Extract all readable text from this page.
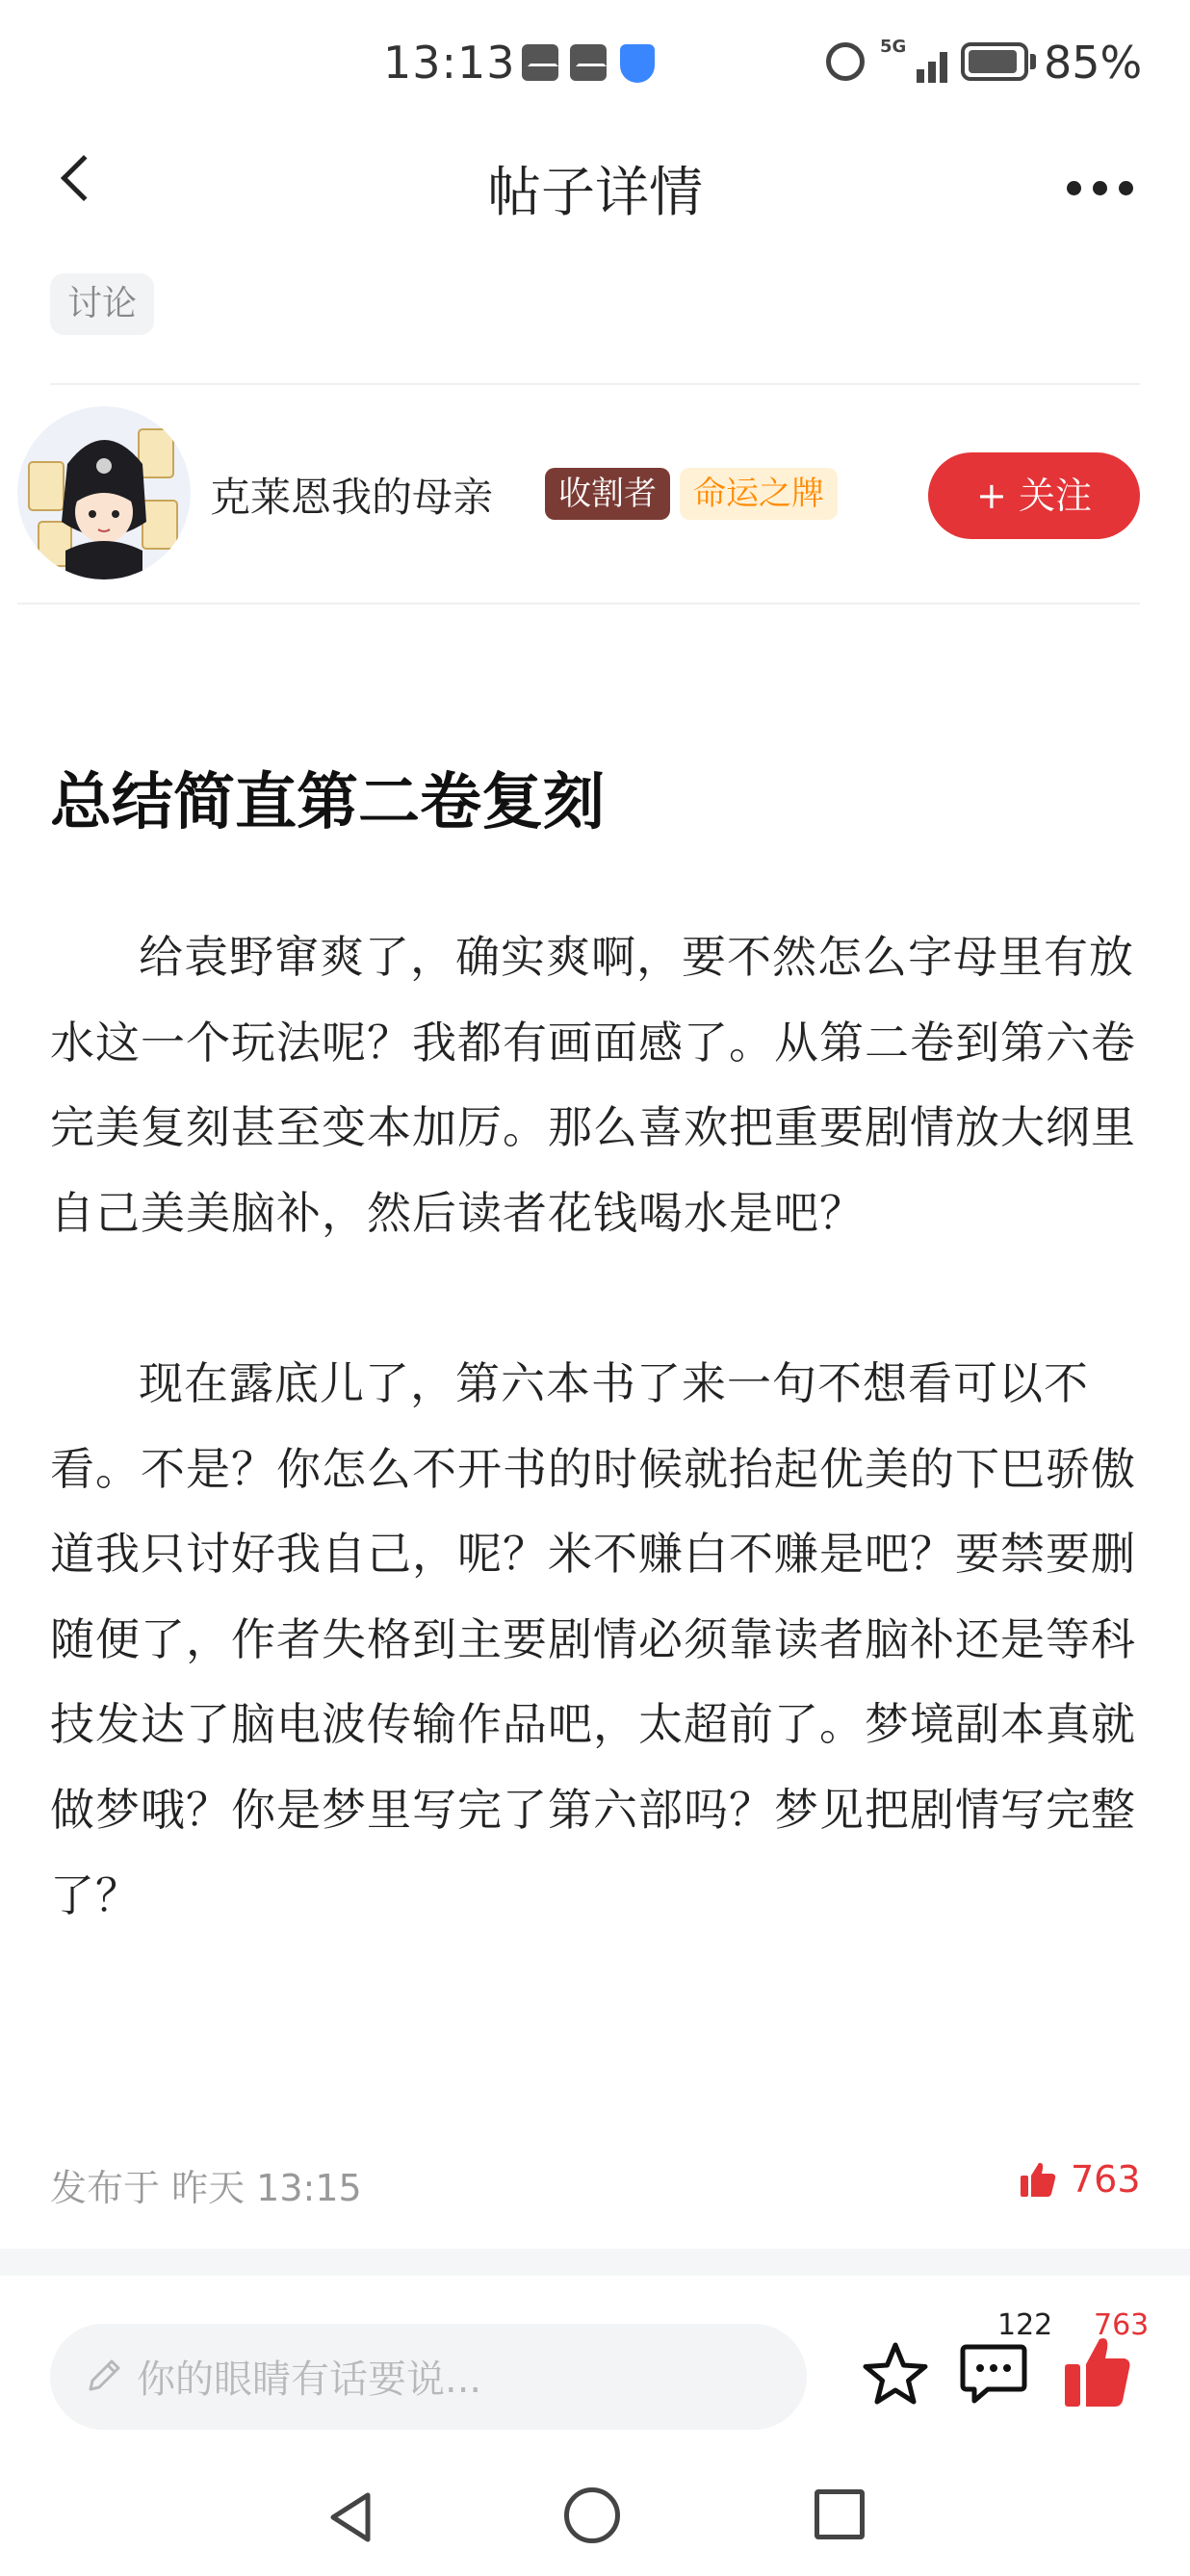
13:13	5G	85%
帖子详情
讨论
克莱恩我的母亲	收割者	命运之牌	+ 关注
总结简直第二卷复刻
给袁野窜爽了，确实爽啊，要不然怎么字母里有放水这一个玩法呢？我都有画面感了。从第二卷到第六卷完美复刻甚至变本加厉。那么喜欢把重要剧情放大纲里自己美美脑补，然后读者花钱喝水是吧？
现在露底儿了，第六本书了来一句不想看可以不看。不是？你怎么不开书的时候就抬起优美的下巴骄傲道我只讨好我自己，呢？米不赚白不赚是吧？要禁要删随便了，作者失格到主要剧情必须靠读者脑补还是等科技发达了脑电波传输作品吧，太超前了。梦境副本真就做梦哦？你是梦里写完了第六部吗？梦见把剧情写完整了？
发布于 昨天 13:15	763
你的眼睛有话要说...
122 763
